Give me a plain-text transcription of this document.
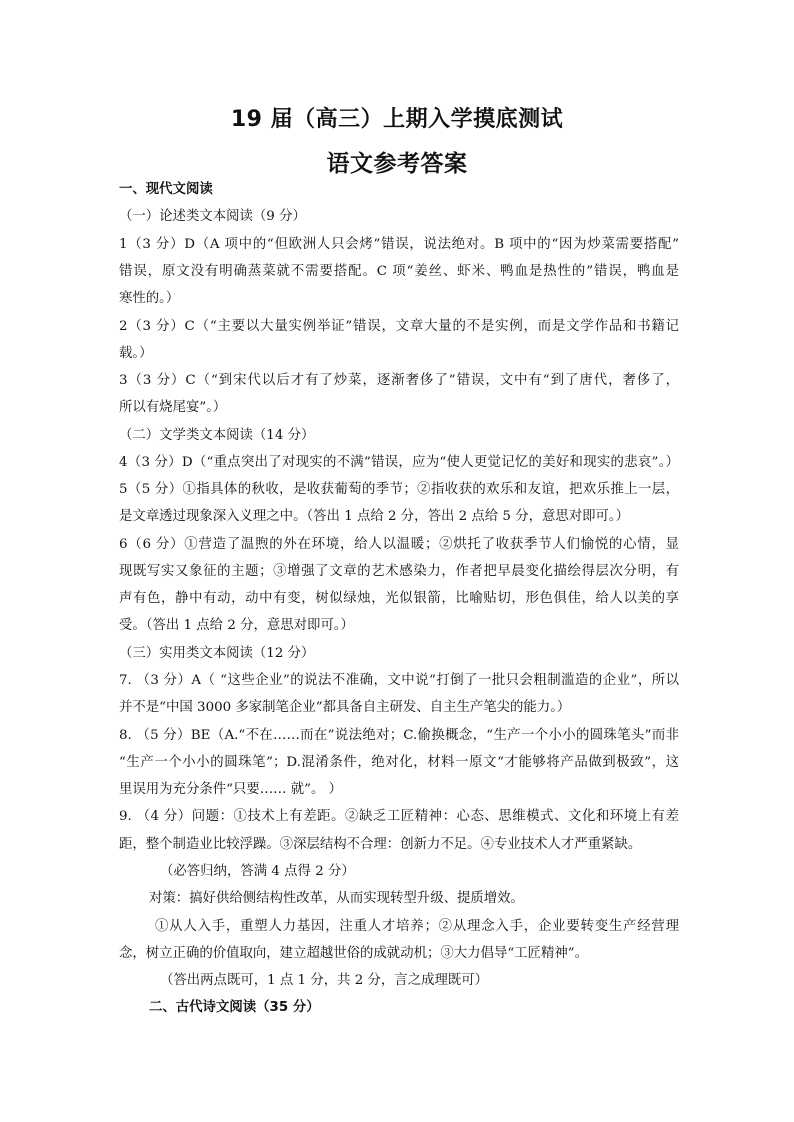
19 届（高三）上期入学摸底测试
语文参考答案
一、现代文阅读
（一）论述类文本阅读（9 分）
1（3 分）D（A 项中的“但欧洲人只会烤”错误，说法绝对。B 项中的“因为炒菜需要搭配”
错误，原文没有明确蒸菜就不需要搭配。C 项“姜丝、虾米、鸭血是热性的”错误，鸭血是
寒性的。）
2（3 分）C（“主要以大量实例举证”错误，文章大量的不是实例，而是文学作品和书籍记
载。）
3（3 分）C（“到宋代以后才有了炒菜，逐渐奢侈了”错误，文中有“到了唐代，奢侈了，
所以有烧尾宴”。）
（二）文学类文本阅读（14 分）
4（3 分）D（“重点突出了对现实的不满”错误，应为“使人更觉记忆的美好和现实的悲哀”。）
5（5 分）①指具体的秋收，是收获葡萄的季节；②指收获的欢乐和友谊，把欢乐推上一层，
是文章透过现象深入义理之中。（答出 1 点给 2 分，答出 2 点给 5 分，意思对即可。）
6（6 分）①营造了温煦的外在环境，给人以温暖；②烘托了收获季节人们愉悦的心情，显
现既写实又象征的主题；③增强了文章的艺术感染力，作者把早晨变化描绘得层次分明，有
声有色，静中有动，动中有变，树似绿烛，光似银箭，比喻贴切，形色俱佳，给人以美的享
受。（答出 1 点给 2 分，意思对即可。）
（三）实用类文本阅读（12 分）
7. （3 分）A（ “这些企业”的说法不准确，文中说“打倒了一批只会粗制滥造的企业”，所以
并不是“中国 3000 多家制笔企业”都具备自主研发、自主生产笔尖的能力。）
8. （5 分）BE（A.“不在……而在”说法绝对；C.偷换概念，“生产一个小小的圆珠笔头”而非
“生产一个小小的圆珠笔”；D.混淆条件，绝对化，材料一原文“才能够将产品做到极致”，这
里误用为充分条件“只要…… 就”。 ）
9. （4 分）问题：①技术上有差距。②缺乏工匠精神：心态、思维模式、文化和环境上有差
距，整个制造业比较浮躁。③深层结构不合理：创新力不足。④专业技术人才严重紧缺。
（必答归纳，答满 4 点得 2 分）
对策：搞好供给侧结构性改革，从而实现转型升级、提质增效。
①从人入手，重塑人力基因，注重人才培养；②从理念入手，企业要转变生产经营理
念，树立正确的价值取向，建立超越世俗的成就动机；③大力倡导“工匠精神”。
（答出两点既可，1 点 1 分，共 2 分，言之成理既可）
二、古代诗文阅读（35 分）
